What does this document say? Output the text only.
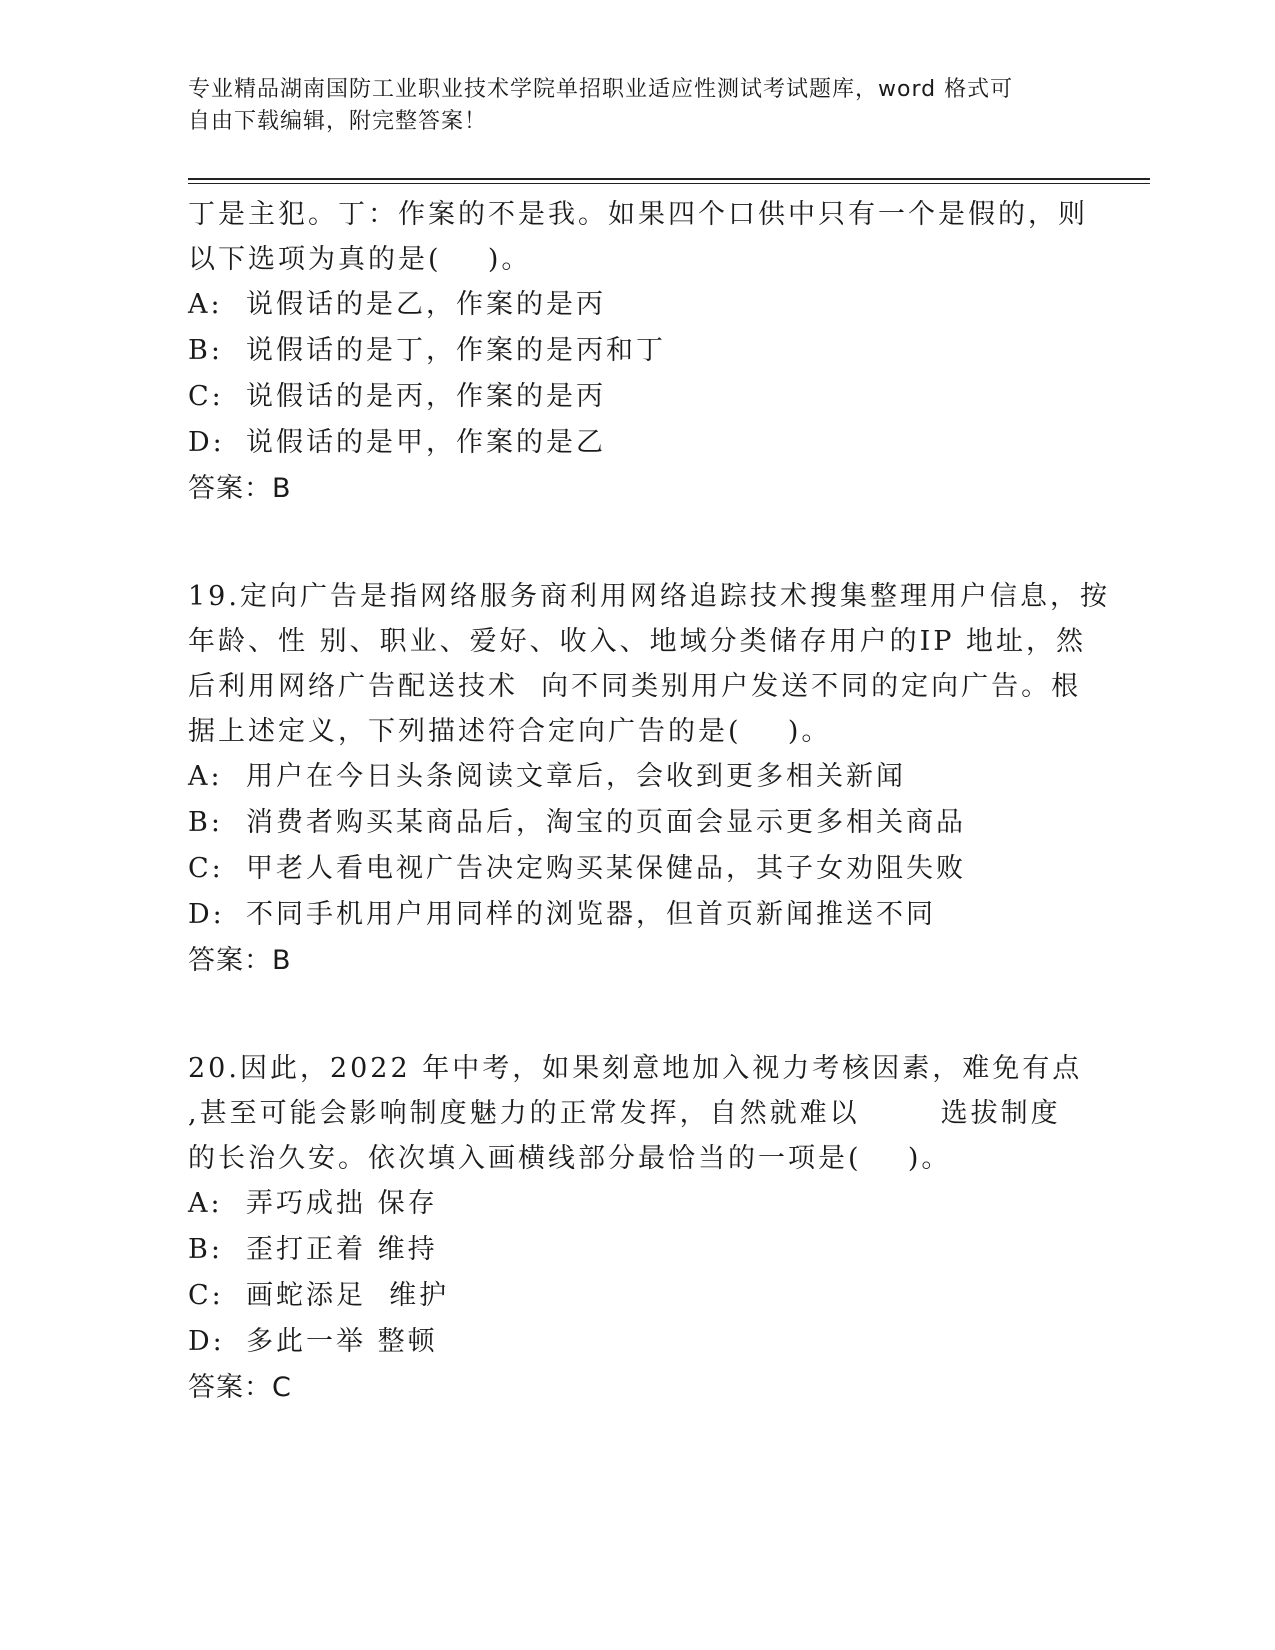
专业精品湖南国防工业职业技术学院单招职业适应性测试考试题库，word 格式可
自由下载编辑，附完整答案！
丁是主犯。丁：作案的不是我。如果四个口供中只有一个是假的，则
以下选项为真的是(    )。
A: 说假话的是乙，作案的是丙
B: 说假话的是丁，作案的是丙和丁
C: 说假话的是丙，作案的是丙
D: 说假话的是甲，作案的是乙
答案：B
19.定向广告是指网络服务商利用网络追踪技术搜集整理用户信息，按
年龄、性 别、职业、爱好、收入、地域分类储存用户的IP 地址，然
后利用网络广告配送技术  向不同类别用户发送不同的定向广告。根
据上述定义，下列描述符合定向广告的是(    )。
A: 用户在今日头条阅读文章后，会收到更多相关新闻
B: 消费者购买某商品后，淘宝的页面会显示更多相关商品
C: 甲老人看电视广告决定购买某保健品，其子女劝阻失败
D: 不同手机用户用同样的浏览器，但首页新闻推送不同
答案：B
20.因此，2022 年中考，如果刻意地加入视力考核因素，难免有点
,甚至可能会影响制度魅力的正常发挥，自然就难以       选拔制度
的长治久安。依次填入画横线部分最恰当的一项是(    )。
A: 弄巧成拙 保存
B: 歪打正着 维持
C: 画蛇添足  维护
D: 多此一举 整顿
答案：C
